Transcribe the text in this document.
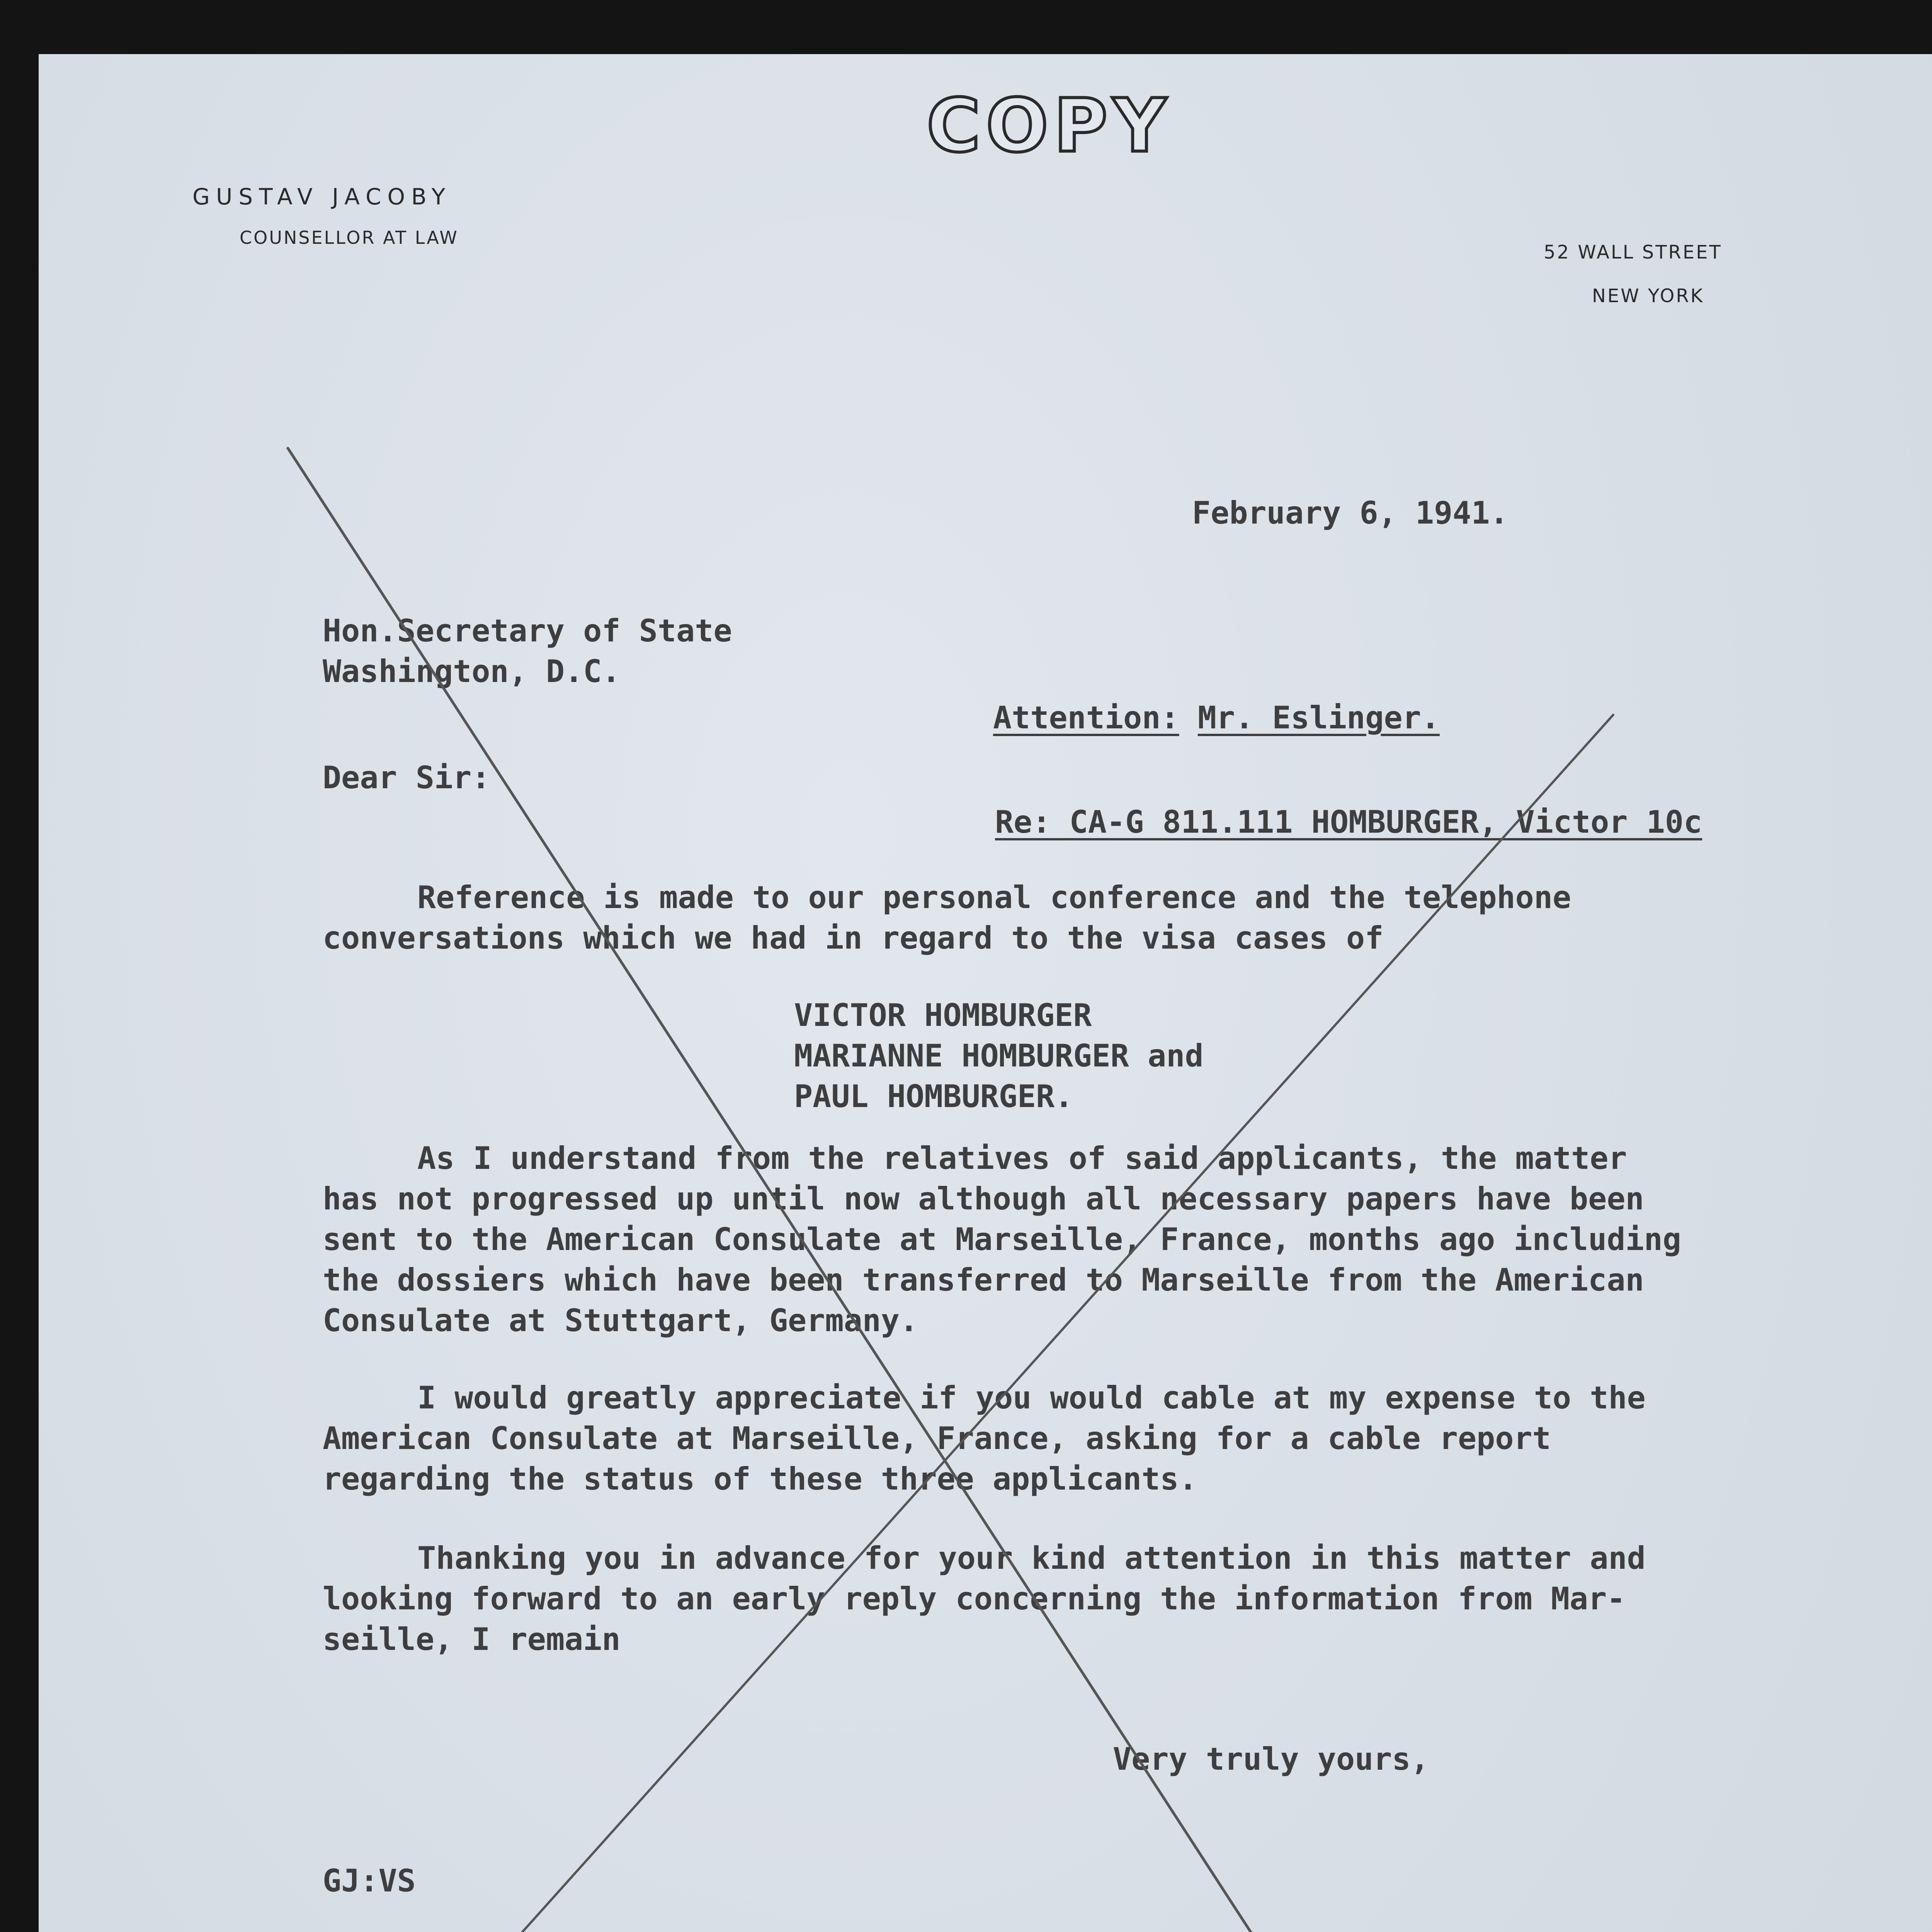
COPY
GUSTAV JACOBY
COUNSELLOR AT LAW
52 WALL STREET
NEW YORK
February 6, 1941.
Hon.Secretary of State
Washington, D.C.
Attention: Mr. Eslinger.
Dear Sir:
Re: CA-G 811.111 HOMBURGER, Victor 10c
Reference is made to our personal conference and the telephone
conversations which we had in regard to the visa cases of
VICTOR HOMBURGER
MARIANNE HOMBURGER and
PAUL HOMBURGER.
As I understand from the relatives of said applicants, the matter
has not progressed up until now although all necessary papers have been
sent to the American Consulate at Marseille, France, months ago including
the dossiers which have been transferred to Marseille from the American
Consulate at Stuttgart, Germany.
I would greatly appreciate if you would cable at my expense to the
American Consulate at Marseille, France, asking for a cable report
regarding the status of these three applicants.
Thanking you in advance for your kind attention in this matter and
looking forward to an early reply concerning the information from Mar-
seille, I remain
Very truly yours,
GJ:VS
